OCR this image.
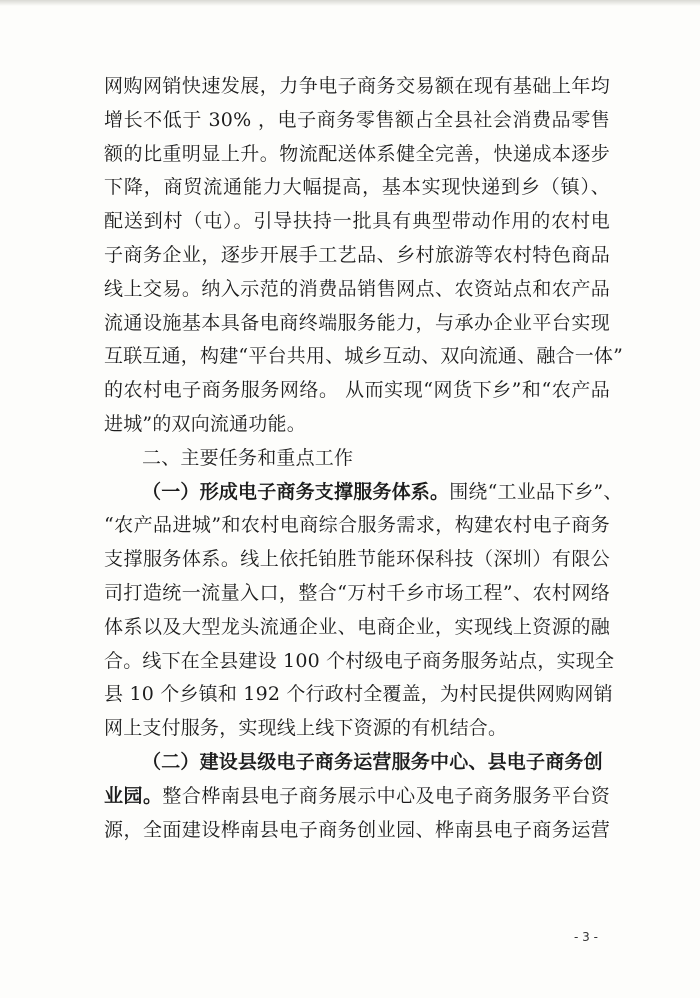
网购网销快速发展，力争电子商务交易额在现有基础上年均
增长不低于 30% ，电子商务零售额占全县社会消费品零售
额的比重明显上升。物流配送体系健全完善，快递成本逐步
下降，商贸流通能力大幅提高，基本实现快递到乡（镇）、
配送到村（屯）。引导扶持一批具有典型带动作用的农村电
子商务企业，逐步开展手工艺品、乡村旅游等农村特色商品
线上交易。纳入示范的消费品销售网点、农资站点和农产品
流通设施基本具备电商终端服务能力，与承办企业平台实现
互联互通，构建“平台共用、城乡互动、双向流通、融合一体”
的农村电子商务服务网络。 从而实现“网货下乡”和“农产品
进城”的双向流通功能。
二、主要任务和重点工作
（一）形成电子商务支撑服务体系。围绕“工业品下乡”、
“农产品进城”和农村电商综合服务需求，构建农村电子商务
支撑服务体系。线上依托铂胜节能环保科技（深圳）有限公
司打造统一流量入口，整合“万村千乡市场工程”、农村网络
体系以及大型龙头流通企业、电商企业，实现线上资源的融
合。线下在全县建设 100 个村级电子商务服务站点，实现全
县 10 个乡镇和 192 个行政村全覆盖，为村民提供网购网销
网上支付服务，实现线上线下资源的有机结合。
（二）建设县级电子商务运营服务中心、县电子商务创
业园。整合桦南县电子商务展示中心及电子商务服务平台资
源，全面建设桦南县电子商务创业园、桦南县电子商务运营
- 3 -
